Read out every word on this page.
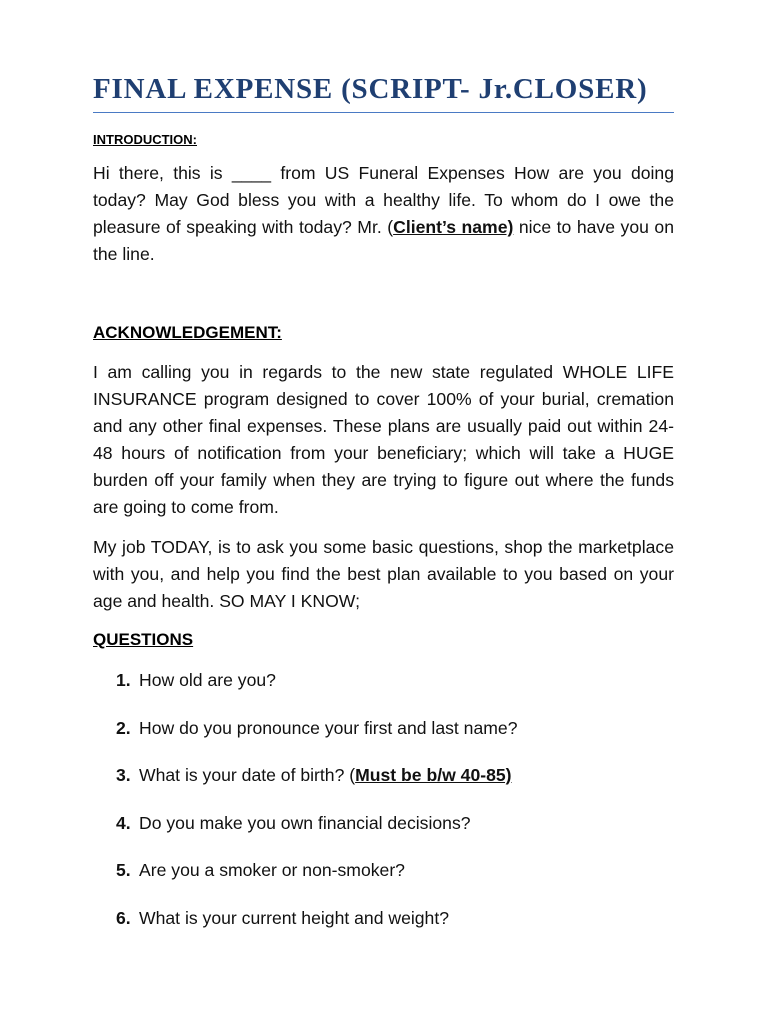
FINAL EXPENSE (SCRIPT- Jr.CLOSER)

INTRODUCTION:

Hi there, this is ____ from US Funeral Expenses How are you doing today? May God bless you with a healthy life. To whom do I owe the pleasure of speaking with today? Mr. (Client’s name) nice to have you on the line.

ACKNOWLEDGEMENT:

I am calling you in regards to the new state regulated WHOLE LIFE INSURANCE program designed to cover 100% of your burial, cremation and any other final expenses. These plans are usually paid out within 24-48 hours of notification from your beneficiary; which will take a HUGE burden off your family when they are trying to figure out where the funds are going to come from.

My job TODAY, is to ask you some basic questions, shop the marketplace with you, and help you find the best plan available to you based on your age and health. SO MAY I KNOW;

QUESTIONS

1. How old are you?
2. How do you pronounce your first and last name?
3. What is your date of birth? (Must be b/w 40-85)
4. Do you make you own financial decisions?
5. Are you a smoker or non-smoker?
6. What is your current height and weight?
